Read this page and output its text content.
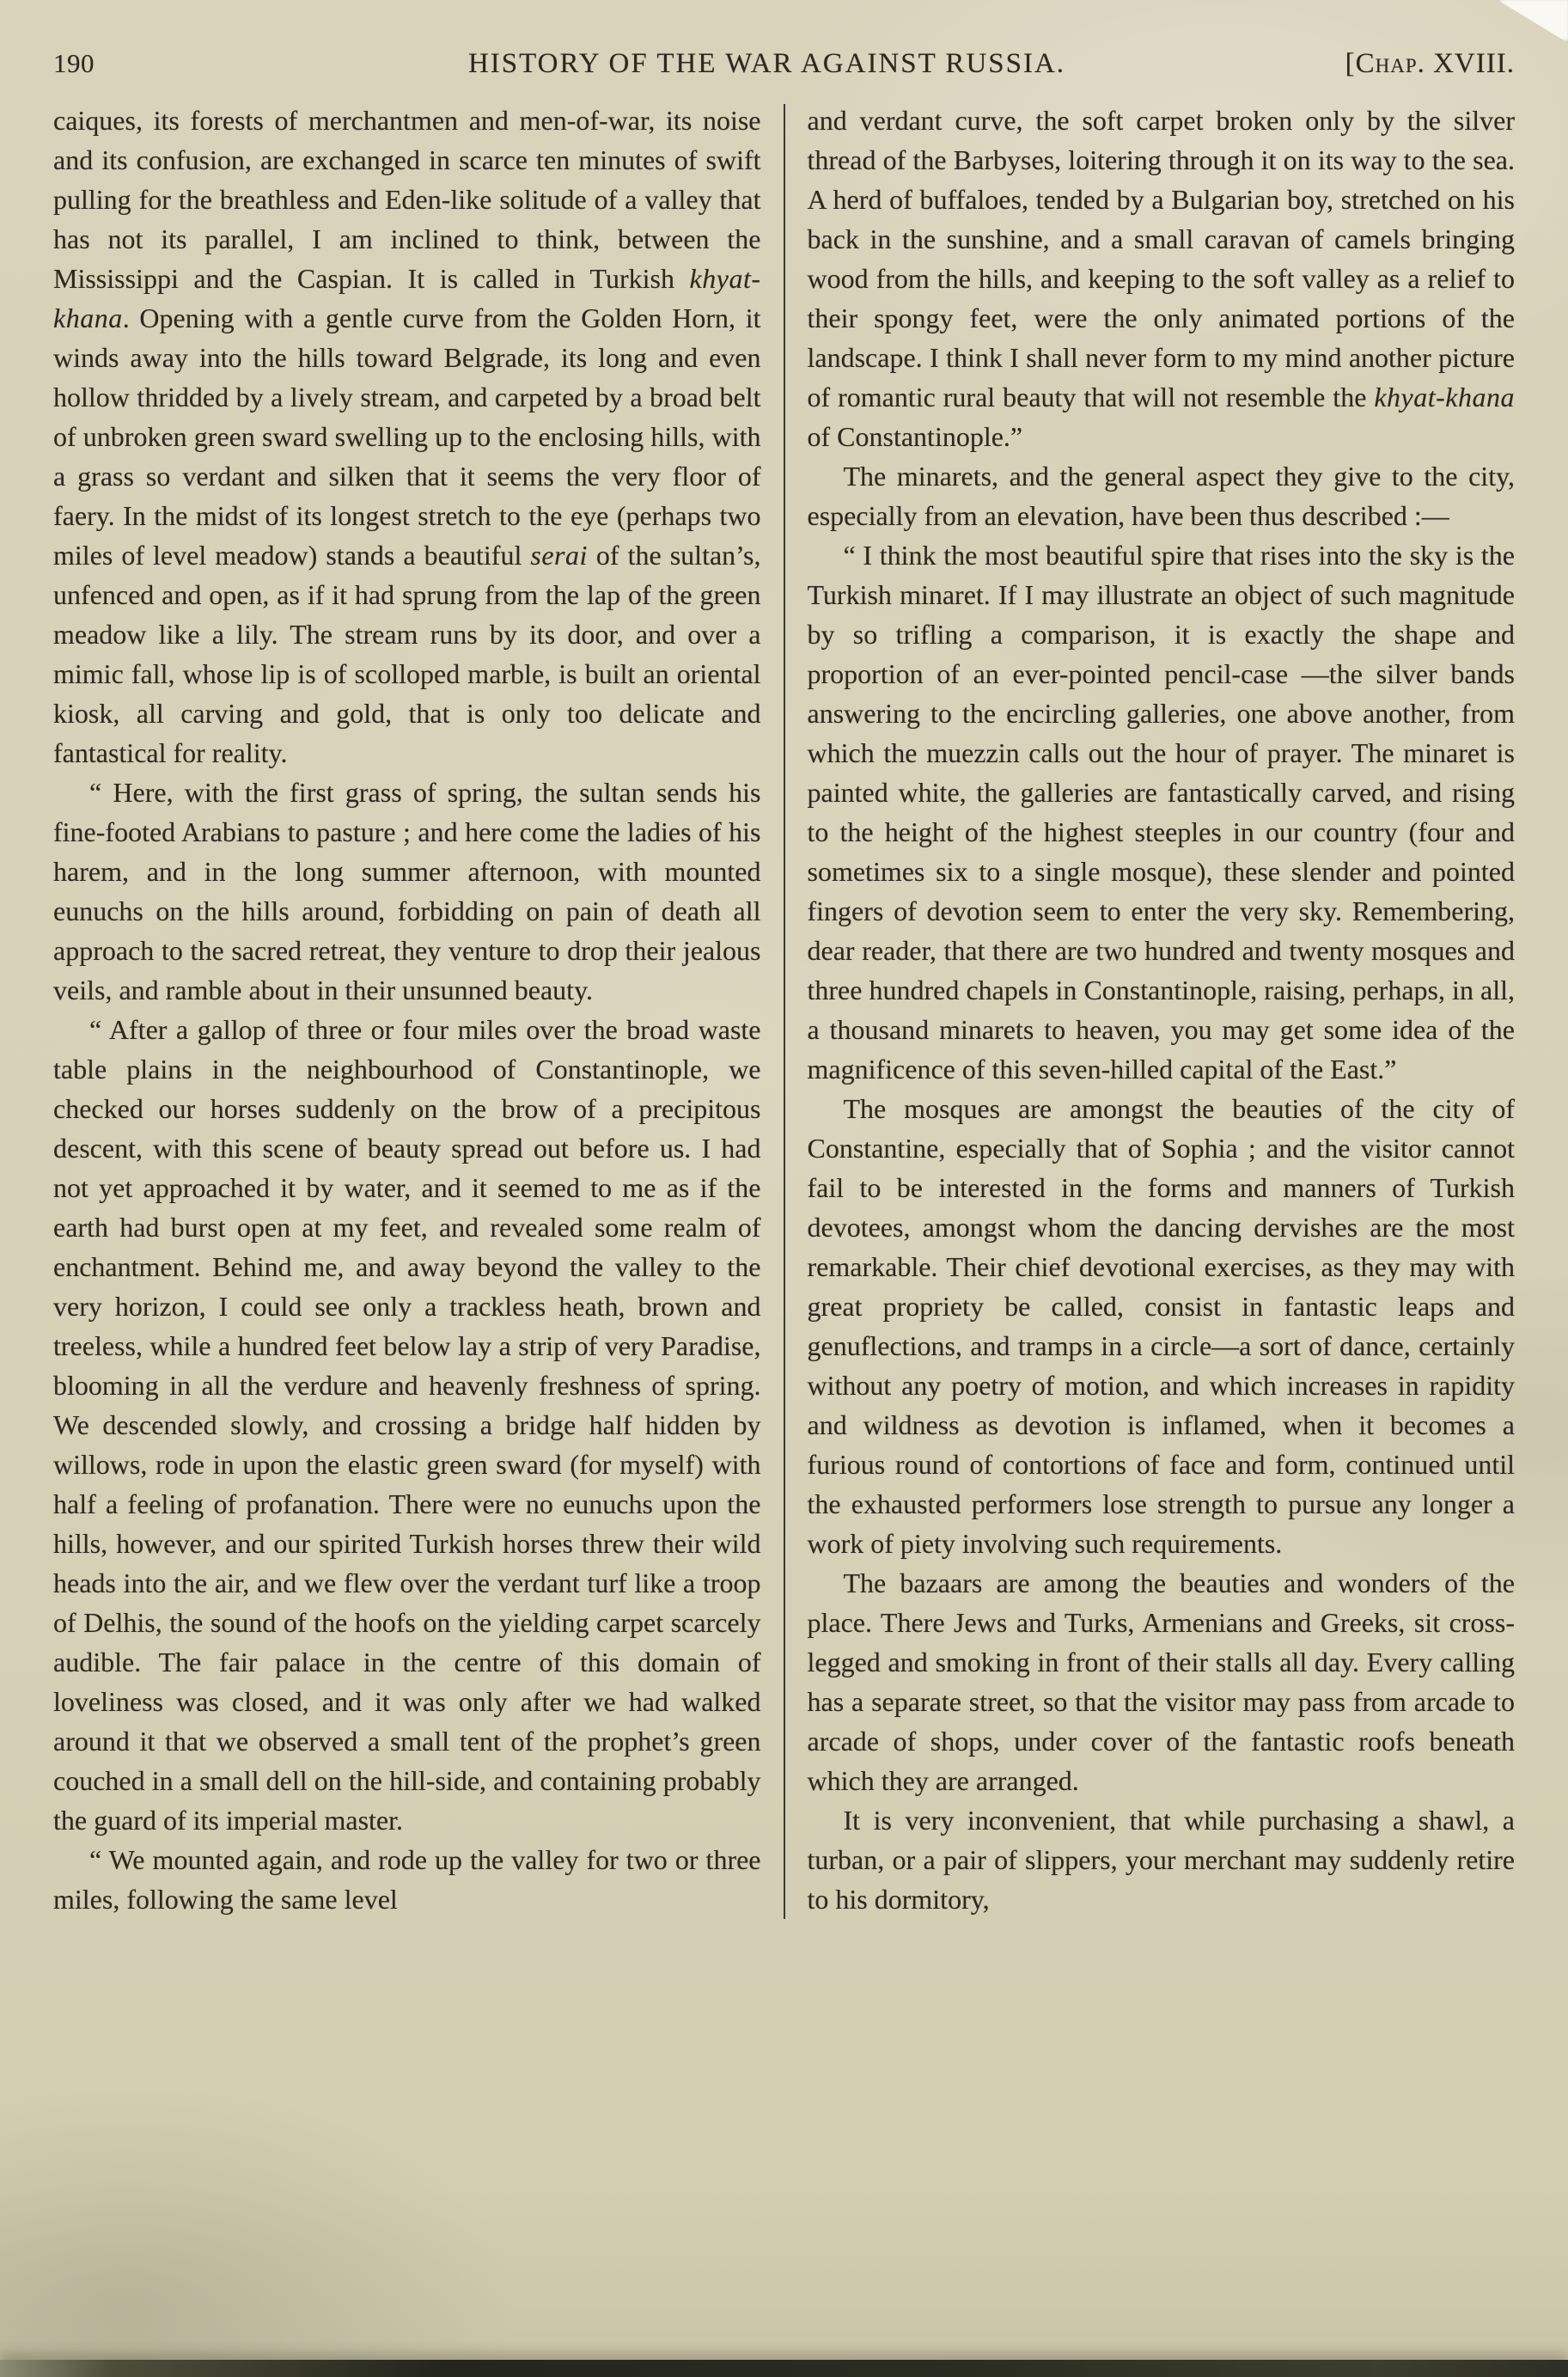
190	HISTORY OF THE WAR AGAINST RUSSIA.	[Chap. XVIII.

caiques, its forests of merchantmen and men-of-war, its noise and its confusion, are exchanged in scarce ten minutes of swift pulling for the breathless and Eden-like solitude of a valley that has not its parallel, I am inclined to think, between the Mississippi and the Caspian. It is called in Turkish khyat-khana. Opening with a gentle curve from the Golden Horn, it winds away into the hills toward Belgrade, its long and even hollow thridded by a lively stream, and carpeted by a broad belt of unbroken green sward swelling up to the enclosing hills, with a grass so verdant and silken that it seems the very floor of faery. In the midst of its longest stretch to the eye (perhaps two miles of level meadow) stands a beautiful serai of the sultan’s, unfenced and open, as if it had sprung from the lap of the green meadow like a lily. The stream runs by its door, and over a mimic fall, whose lip is of scolloped marble, is built an oriental kiosk, all carving and gold, that is only too delicate and fantastical for reality.

“ Here, with the first grass of spring, the sultan sends his fine-footed Arabians to pasture ; and here come the ladies of his harem, and in the long summer afternoon, with mounted eunuchs on the hills around, forbidding on pain of death all approach to the sacred retreat, they venture to drop their jealous veils, and ramble about in their unsunned beauty.

“ After a gallop of three or four miles over the broad waste table plains in the neighbourhood of Constantinople, we checked our horses suddenly on the brow of a precipitous descent, with this scene of beauty spread out before us. I had not yet approached it by water, and it seemed to me as if the earth had burst open at my feet, and revealed some realm of enchantment. Behind me, and away beyond the valley to the very horizon, I could see only a trackless heath, brown and treeless, while a hundred feet below lay a strip of very Paradise, blooming in all the verdure and heavenly freshness of spring. We descended slowly, and crossing a bridge half hidden by willows, rode in upon the elastic green sward (for myself) with half a feeling of profanation. There were no eunuchs upon the hills, however, and our spirited Turkish horses threw their wild heads into the air, and we flew over the verdant turf like a troop of Delhis, the sound of the hoofs on the yielding carpet scarcely audible. The fair palace in the centre of this domain of loveliness was closed, and it was only after we had walked around it that we observed a small tent of the prophet’s green couched in a small dell on the hill-side, and containing probably the guard of its imperial master.

“ We mounted again, and rode up the valley for two or three miles, following the same level

and verdant curve, the soft carpet broken only by the silver thread of the Barbyses, loitering through it on its way to the sea. A herd of buffaloes, tended by a Bulgarian boy, stretched on his back in the sunshine, and a small caravan of camels bringing wood from the hills, and keeping to the soft valley as a relief to their spongy feet, were the only animated portions of the landscape. I think I shall never form to my mind another picture of romantic rural beauty that will not resemble the khyat-khana of Constantinople.”

The minarets, and the general aspect they give to the city, especially from an elevation, have been thus described :—

“ I think the most beautiful spire that rises into the sky is the Turkish minaret. If I may illustrate an object of such magnitude by so trifling a comparison, it is exactly the shape and proportion of an ever-pointed pencil-case —the silver bands answering to the encircling galleries, one above another, from which the muezzin calls out the hour of prayer. The minaret is painted white, the galleries are fantastically carved, and rising to the height of the highest steeples in our country (four and sometimes six to a single mosque), these slender and pointed fingers of devotion seem to enter the very sky. Remembering, dear reader, that there are two hundred and twenty mosques and three hundred chapels in Constantinople, raising, perhaps, in all, a thousand minarets to heaven, you may get some idea of the magnificence of this seven-hilled capital of the East.”

The mosques are amongst the beauties of the city of Constantine, especially that of Sophia ; and the visitor cannot fail to be interested in the forms and manners of Turkish devotees, amongst whom the dancing dervishes are the most remarkable. Their chief devotional exercises, as they may with great propriety be called, consist in fantastic leaps and genuflections, and tramps in a circle—a sort of dance, certainly without any poetry of motion, and which increases in rapidity and wildness as devotion is inflamed, when it becomes a furious round of contortions of face and form, continued until the exhausted performers lose strength to pursue any longer a work of piety involving such requirements.

The bazaars are among the beauties and wonders of the place. There Jews and Turks, Armenians and Greeks, sit cross-legged and smoking in front of their stalls all day. Every calling has a separate street, so that the visitor may pass from arcade to arcade of shops, under cover of the fantastic roofs beneath which they are arranged.

It is very inconvenient, that while purchasing a shawl, a turban, or a pair of slippers, your merchant may suddenly retire to his dormitory,
